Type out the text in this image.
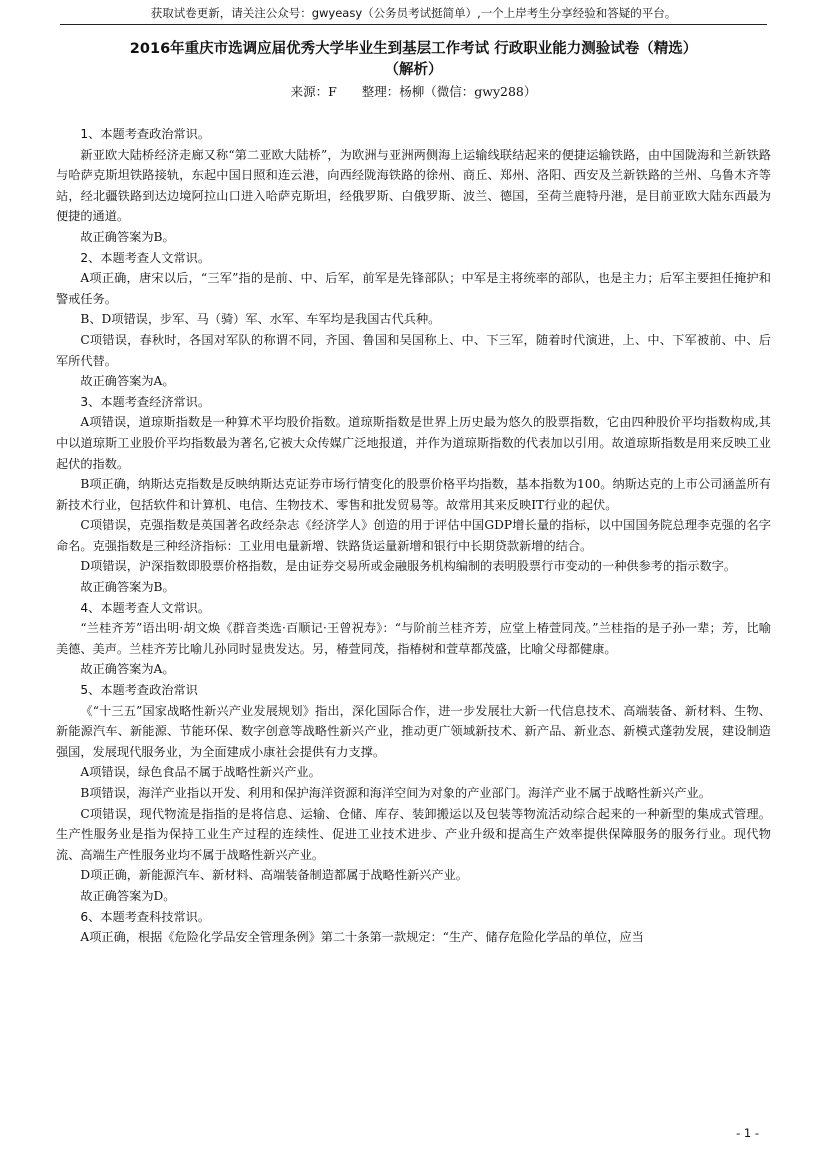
获取试卷更新，请关注公众号：gwyeasy（公务员考试挺简单）,一个上岸考生分享经验和答疑的平台。
2016年重庆市选调应届优秀大学毕业生到基层工作考试 行政职业能力测验试卷（精选）
（解析）
来源：F　　整理：杨柳（微信：gwy288）

1、本题考查政治常识。

新亚欧大陆桥经济走廊又称“第二亚欧大陆桥”，为欧洲与亚洲两侧海上运输线联结起来的便捷运输铁路，由中国陇海和兰新铁路与哈萨克斯坦铁路接轨，东起中国日照和连云港，向西经陇海铁路的徐州、商丘、郑州、洛阳、西安及兰新铁路的兰州、乌鲁木齐等站，经北疆铁路到达边境阿拉山口进入哈萨克斯坦，经俄罗斯、白俄罗斯、波兰、德国，至荷兰鹿特丹港，是目前亚欧大陆东西最为便捷的通道。

故正确答案为B。

2、本题考查人文常识。

A项正确，唐宋以后，“三军”指的是前、中、后军，前军是先锋部队；中军是主将统率的部队，也是主力；后军主要担任掩护和警戒任务。

B、D项错误，步军、马（骑）军、水军、车军均是我国古代兵种。

C项错误，春秋时，各国对军队的称谓不同，齐国、鲁国和吴国称上、中、下三军，随着时代演进，上、中、下军被前、中、后军所代替。

故正确答案为A。

3、本题考查经济常识。

A项错误，道琼斯指数是一种算术平均股价指数。道琼斯指数是世界上历史最为悠久的股票指数，它由四种股价平均指数构成,其中以道琼斯工业股价平均指数最为著名,它被大众传媒广泛地报道，并作为道琼斯指数的代表加以引用。故道琼斯指数是用来反映工业起伏的指数。

B项正确，纳斯达克指数是反映纳斯达克证券市场行情变化的股票价格平均指数，基本指数为100。纳斯达克的上市公司涵盖所有新技术行业，包括软件和计算机、电信、生物技术、零售和批发贸易等。故常用其来反映IT行业的起伏。

C项错误，克强指数是英国著名政经杂志《经济学人》创造的用于评估中国GDP增长量的指标，以中国国务院总理李克强的名字命名。克强指数是三种经济指标：工业用电量新增、铁路货运量新增和银行中长期贷款新增的结合。

D项错误，沪深指数即股票价格指数，是由证券交易所或金融服务机构编制的表明股票行市变动的一种供参考的指示数字。

故正确答案为B。

4、本题考查人文常识。

“兰桂齐芳”语出明·胡文焕《群音类选·百顺记·王曾祝寿》：“与阶前兰桂齐芳，应堂上椿萱同茂。”兰桂指的是子孙一辈；芳，比喻美德、美声。兰桂齐芳比喻儿孙同时显贵发达。另，椿萱同茂，指椿树和萱草都茂盛，比喻父母都健康。

故正确答案为A。

5、本题考查政治常识

《“十三五”国家战略性新兴产业发展规划》指出，深化国际合作，进一步发展壮大新一代信息技术、高端装备、新材料、生物、新能源汽车、新能源、节能环保、数字创意等战略性新兴产业，推动更广领域新技术、新产品、新业态、新模式蓬勃发展，建设制造强国，发展现代服务业，为全面建成小康社会提供有力支撑。

A项错误，绿色食品不属于战略性新兴产业。

B项错误，海洋产业指以开发、利用和保护海洋资源和海洋空间为对象的产业部门。海洋产业不属于战略性新兴产业。

C项错误，现代物流是指指的是将信息、运输、仓储、库存、装卸搬运以及包装等物流活动综合起来的一种新型的集成式管理。生产性服务业是指为保持工业生产过程的连续性、促进工业技术进步、产业升级和提高生产效率提供保障服务的服务行业。现代物流、高端生产性服务业均不属于战略性新兴产业。

D项正确，新能源汽车、新材料、高端装备制造都属于战略性新兴产业。

故正确答案为D。

6、本题考查科技常识。

A项正确，根据《危险化学品安全管理条例》第二十条第一款规定：“生产、储存危险化学品的单位，应当

- 1 -
